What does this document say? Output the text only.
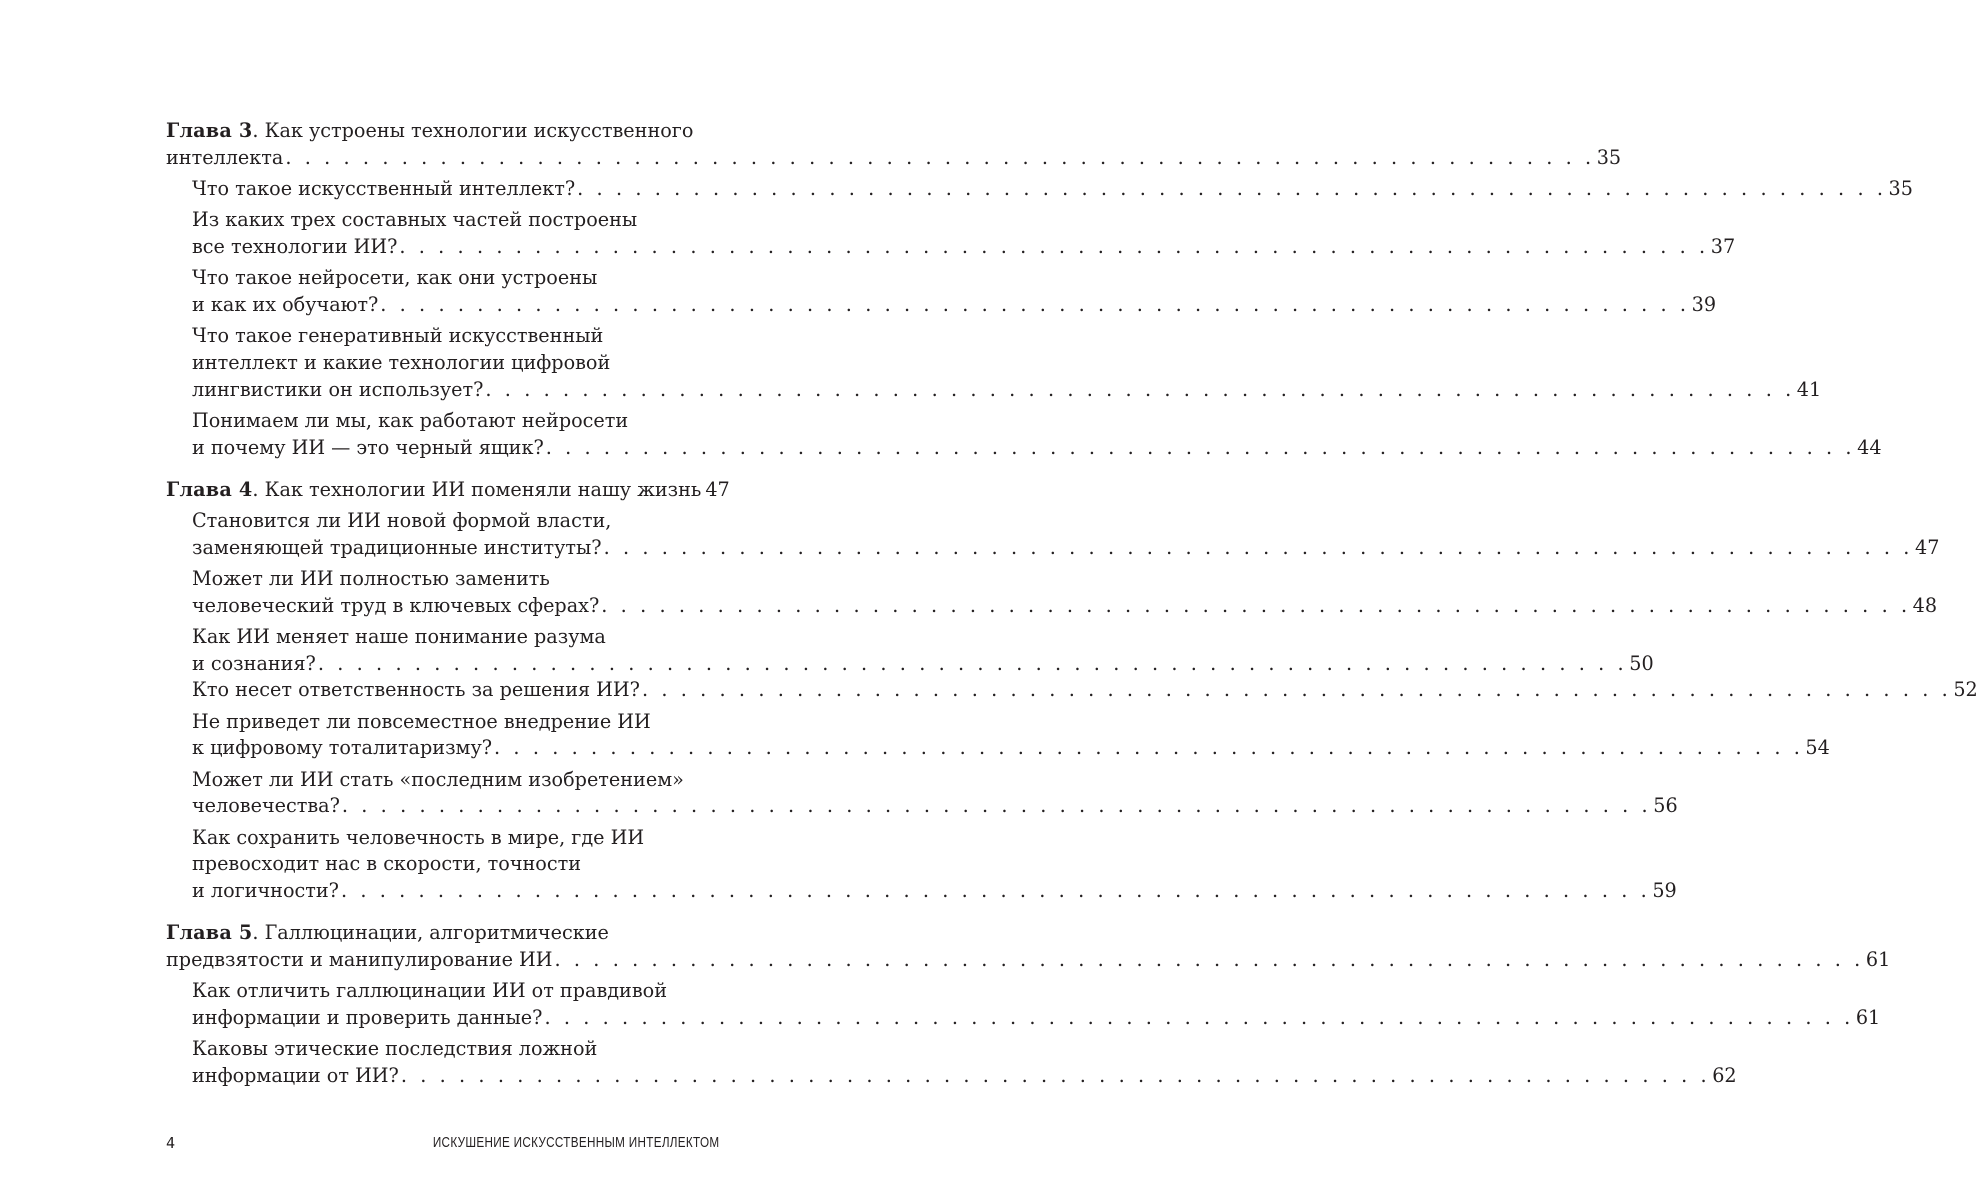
Глава 3. Как устроены технологии искусственного
интеллекта . . . . . . . . . . . . . . . . . . . . . . . . . . . . . . . . . . . . . . . . . . . . . . . . . . . . . . . . . . . . . . . . . . . . 35
Что такое искусственный интеллект? . . . . . . . . . . . . . . . . . . . . . . . . . . . . . . . . . . . . . . . . . . . . . . . . . . . . . . . . . . . . . . . . . . . . 35
Из каких трех составных частей построены
все технологии ИИ? . . . . . . . . . . . . . . . . . . . . . . . . . . . . . . . . . . . . . . . . . . . . . . . . . . . . . . . . . . . . . . . . . . . . 37
Что такое нейросети, как они устроены
и как их обучают? . . . . . . . . . . . . . . . . . . . . . . . . . . . . . . . . . . . . . . . . . . . . . . . . . . . . . . . . . . . . . . . . . . . . 39
Что такое генеративный искусственный
интеллект и какие технологии цифровой
лингвистики он использует? . . . . . . . . . . . . . . . . . . . . . . . . . . . . . . . . . . . . . . . . . . . . . . . . . . . . . . . . . . . . . . . . . . . . 41
Понимаем ли мы, как работают нейросети
и почему ИИ — это черный ящик? . . . . . . . . . . . . . . . . . . . . . . . . . . . . . . . . . . . . . . . . . . . . . . . . . . . . . . . . . . . . . . . . . . . . 44
Глава 4. Как технологии ИИ поменяли нашу жизнь 47
Становится ли ИИ новой формой власти,
заменяющей традиционные институты? . . . . . . . . . . . . . . . . . . . . . . . . . . . . . . . . . . . . . . . . . . . . . . . . . . . . . . . . . . . . . . . . . . . . 47
Может ли ИИ полностью заменить
человеческий труд в ключевых сферах? . . . . . . . . . . . . . . . . . . . . . . . . . . . . . . . . . . . . . . . . . . . . . . . . . . . . . . . . . . . . . . . . . . . . 48
Как ИИ меняет наше понимание разума
и сознания? . . . . . . . . . . . . . . . . . . . . . . . . . . . . . . . . . . . . . . . . . . . . . . . . . . . . . . . . . . . . . . . . . . . . 50
Кто несет ответственность за решения ИИ? . . . . . . . . . . . . . . . . . . . . . . . . . . . . . . . . . . . . . . . . . . . . . . . . . . . . . . . . . . . . . . . . . . . . 52
Не приведет ли повсеместное внедрение ИИ
к цифровому тоталитаризму? . . . . . . . . . . . . . . . . . . . . . . . . . . . . . . . . . . . . . . . . . . . . . . . . . . . . . . . . . . . . . . . . . . . . 54
Может ли ИИ стать «последним изобретением»
человечества? . . . . . . . . . . . . . . . . . . . . . . . . . . . . . . . . . . . . . . . . . . . . . . . . . . . . . . . . . . . . . . . . . . . . 56
Как сохранить человечность в мире, где ИИ
превосходит нас в скорости, точности
и логичности? . . . . . . . . . . . . . . . . . . . . . . . . . . . . . . . . . . . . . . . . . . . . . . . . . . . . . . . . . . . . . . . . . . . . 59
Глава 5. Галлюцинации, алгоритмические
предвзятости и манипулирование ИИ . . . . . . . . . . . . . . . . . . . . . . . . . . . . . . . . . . . . . . . . . . . . . . . . . . . . . . . . . . . . . . . . . . . . 61
Как отличить галлюцинации ИИ от правдивой
информации и проверить данные? . . . . . . . . . . . . . . . . . . . . . . . . . . . . . . . . . . . . . . . . . . . . . . . . . . . . . . . . . . . . . . . . . . . . 61
Каковы этические последствия ложной
информации от ИИ? . . . . . . . . . . . . . . . . . . . . . . . . . . . . . . . . . . . . . . . . . . . . . . . . . . . . . . . . . . . . . . . . . . . . 62
4	ИСКУШЕНИЕ ИСКУССТВЕННЫМ ИНТЕЛЛЕКТОМ
